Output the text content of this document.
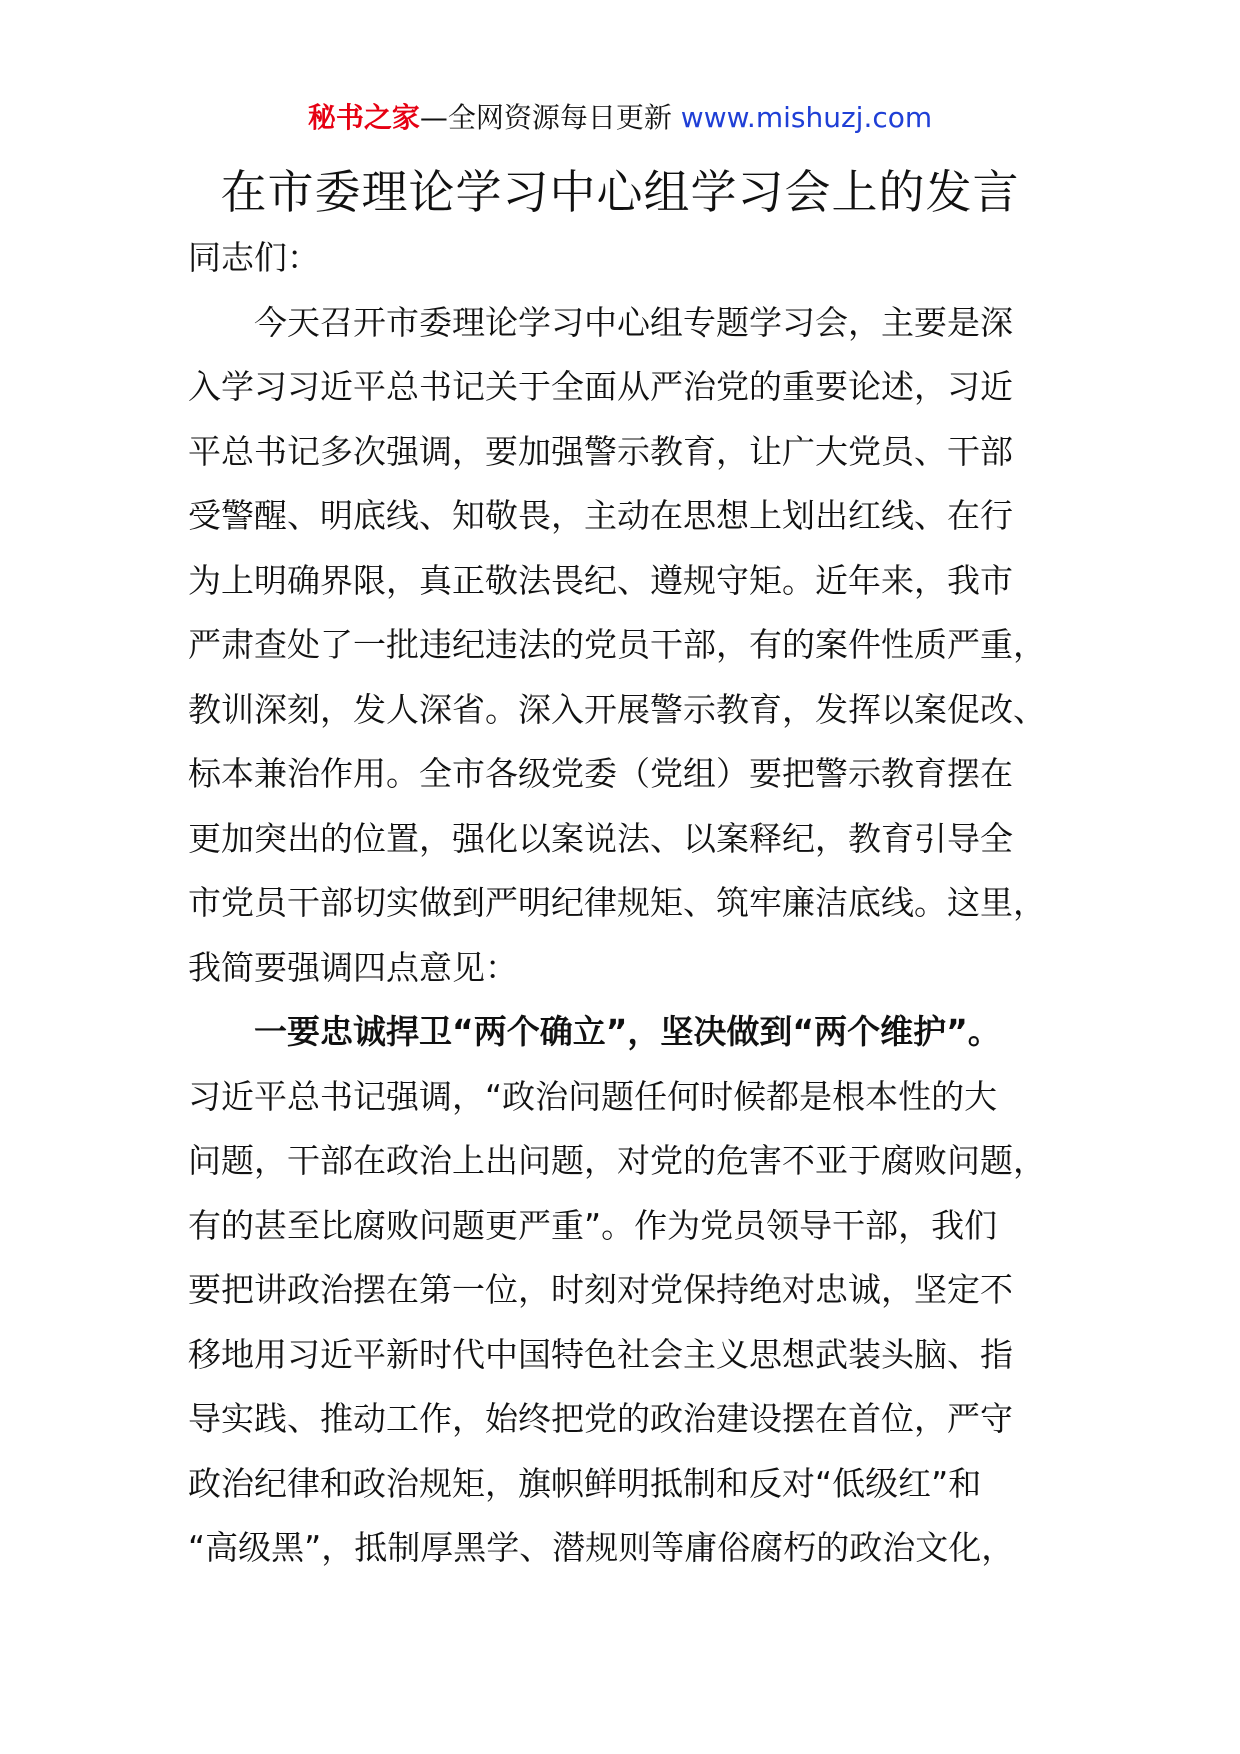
秘书之家—全网资源每日更新 www.mishuzj.com
在市委理论学习中心组学习会上的发言
同志们：
　　今天召开市委理论学习中心组专题学习会，主要是深
入学习习近平总书记关于全面从严治党的重要论述，习近
平总书记多次强调，要加强警示教育，让广大党员、干部
受警醒、明底线、知敬畏，主动在思想上划出红线、在行
为上明确界限，真正敬法畏纪、遵规守矩。近年来，我市
严肃查处了一批违纪违法的党员干部，有的案件性质严重，
教训深刻，发人深省。深入开展警示教育，发挥以案促改、
标本兼治作用。全市各级党委（党组）要把警示教育摆在
更加突出的位置，强化以案说法、以案释纪，教育引导全
市党员干部切实做到严明纪律规矩、筑牢廉洁底线。这里，
我简要强调四点意见：
　　一要忠诚捍卫“两个确立”，坚决做到“两个维护”。
习近平总书记强调，“政治问题任何时候都是根本性的大
问题，干部在政治上出问题，对党的危害不亚于腐败问题，
有的甚至比腐败问题更严重”。作为党员领导干部，我们
要把讲政治摆在第一位，时刻对党保持绝对忠诚，坚定不
移地用习近平新时代中国特色社会主义思想武装头脑、指
导实践、推动工作，始终把党的政治建设摆在首位，严守
政治纪律和政治规矩，旗帜鲜明抵制和反对“低级红”和
“高级黑”，抵制厚黑学、潜规则等庸俗腐朽的政治文化，
